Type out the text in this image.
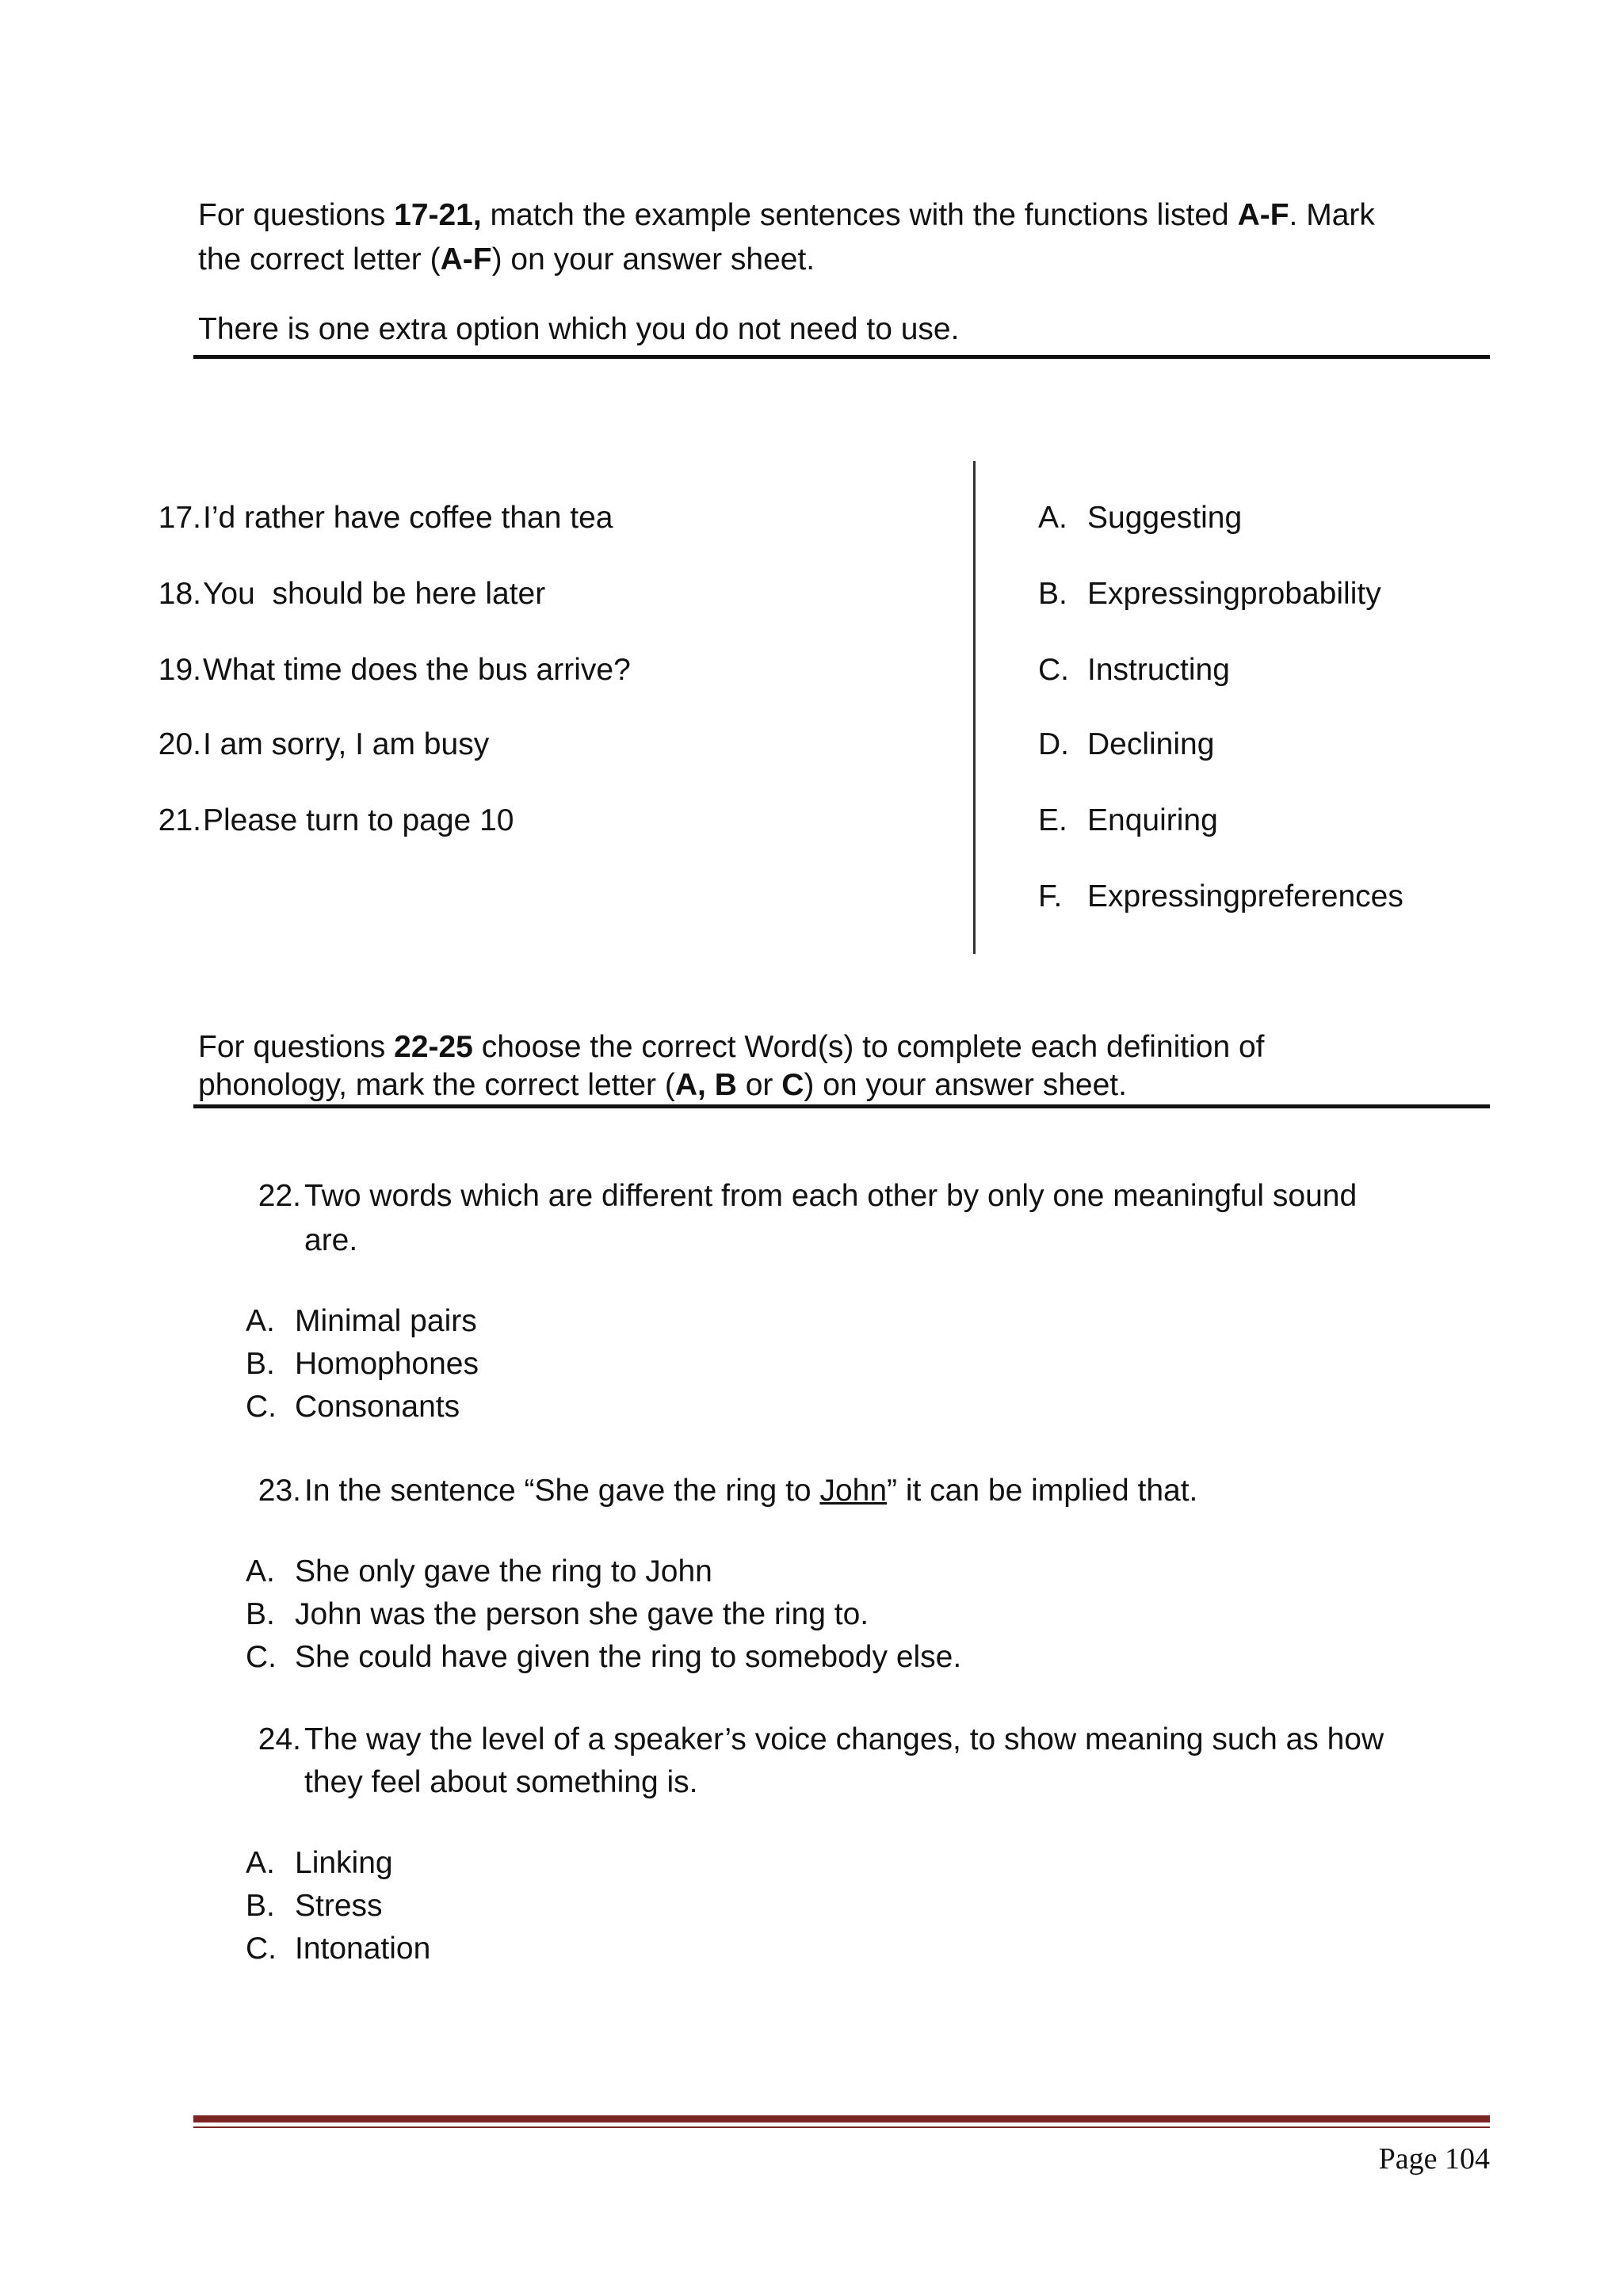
For questions 17-21, match the example sentences with the functions listed A-F. Mark
the correct letter (A-F) on your answer sheet.
There is one extra option which you do not need to use.
17. I’d rather have coffee than tea
18. You  should be here later
19. What time does the bus arrive?
20. I am sorry, I am busy
21. Please turn to page 10
A. Suggesting
B. Expressingprobability
C. Instructing
D. Declining
E. Enquiring
F. Expressingpreferences
For questions 22-25 choose the correct Word(s) to complete each definition of
phonology, mark the correct letter (A, B or C) on your answer sheet.
22. Two words which are different from each other by only one meaningful sound
are.
A. Minimal pairs
B. Homophones
C. Consonants
23. In the sentence “She gave the ring to John” it can be implied that.
A. She only gave the ring to John
B. John was the person she gave the ring to.
C. She could have given the ring to somebody else.
24. The way the level of a speaker’s voice changes, to show meaning such as how
they feel about something is.
A. Linking
B. Stress
C. Intonation
Page 104
